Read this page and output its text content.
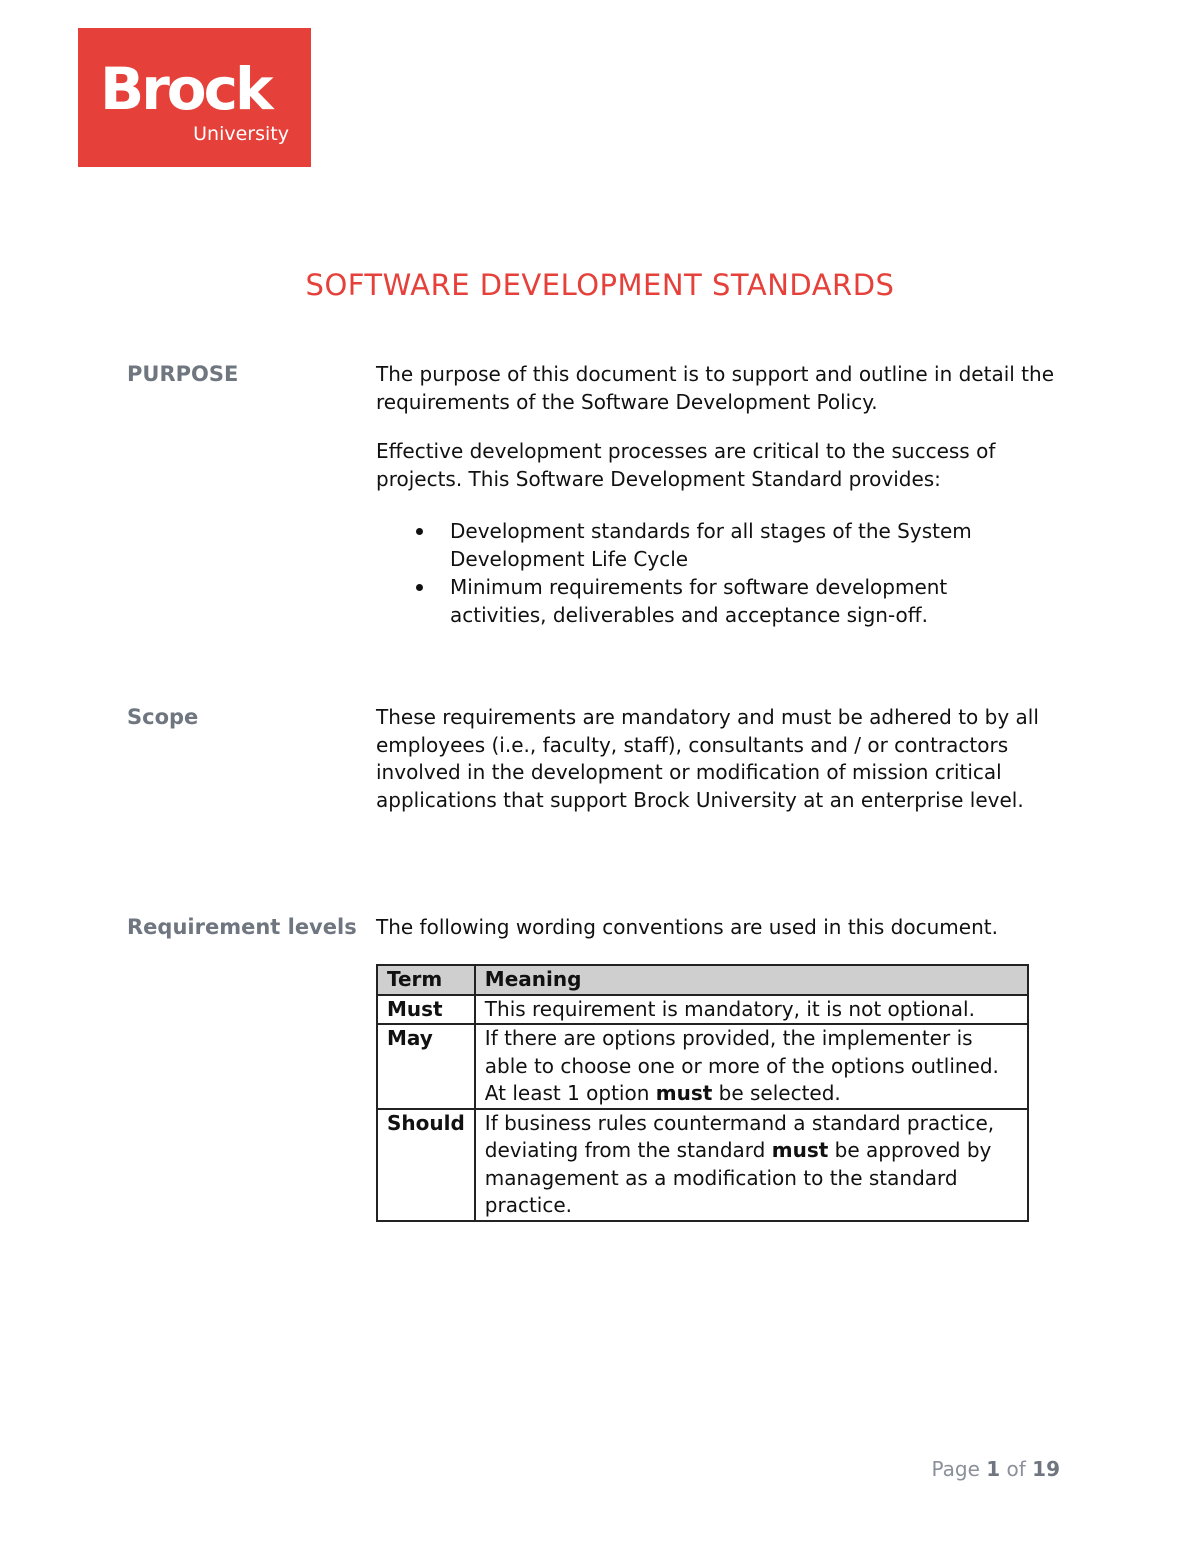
Brock
University
SOFTWARE DEVELOPMENT STANDARDS
PURPOSE	The purpose of this document is to support and outline in detail the requirements of the Software Development Policy.

Effective development processes are critical to the success of projects. This Software Development Standard provides:

Development standards for all stages of the System Development Life Cycle
Minimum requirements for software development activities, deliverables and acceptance sign-off.
Scope	These requirements are mandatory and must be adhered to by all employees (i.e., faculty, staff), consultants and / or contractors involved in the development or modification of mission critical applications that support Brock University at an enterprise level.

Requirement levels The following wording conventions are used in this document.

Term	Meaning
Must	This requirement is mandatory, it is not optional.
May	If there are options provided, the implementer is able to choose one or more of the options outlined. At least 1 option must be selected.
Should	If business rules countermand a standard practice, deviating from the standard must be approved by management as a modification to the standard practice.
Page 1 of 19
